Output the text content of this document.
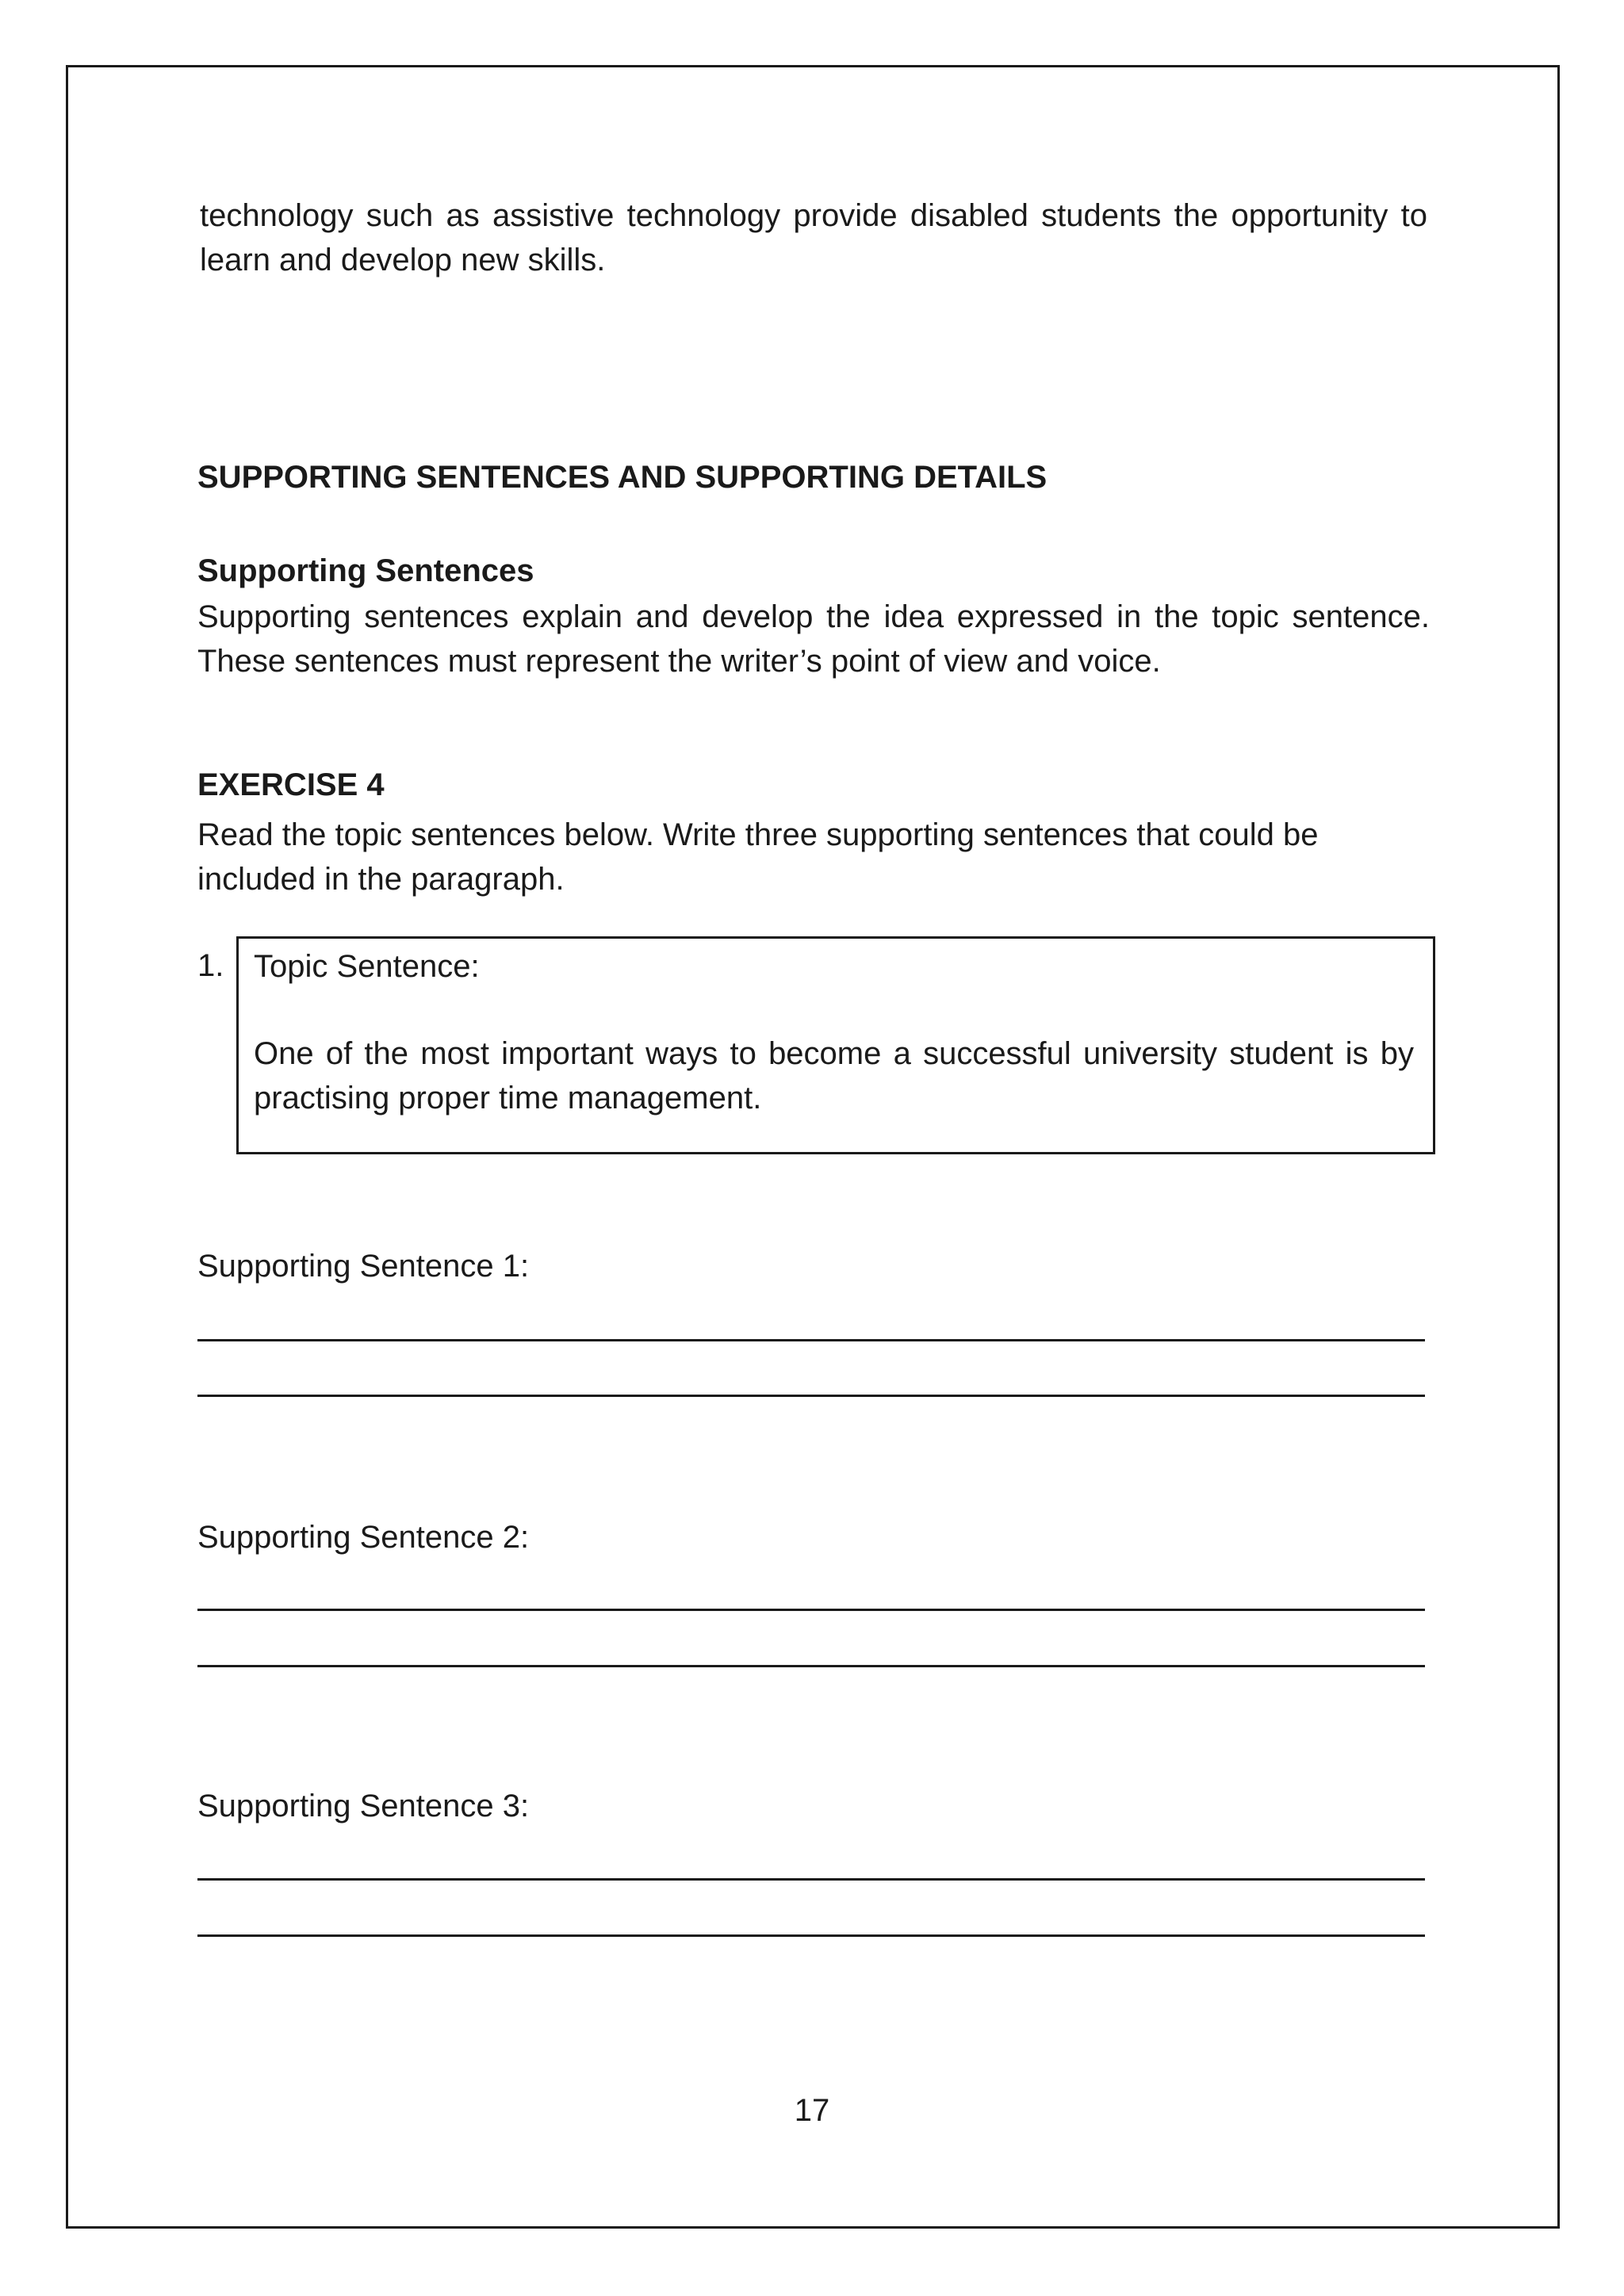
technology such as assistive technology provide disabled students the opportunity to learn and develop new skills.

SUPPORTING SENTENCES AND SUPPORTING DETAILS
Supporting Sentences

Supporting sentences explain and develop the idea expressed in the topic sentence. These sentences must represent the writer’s point of view and voice.

EXERCISE 4

Read the topic sentences below. Write three supporting sentences that could be included in the paragraph.

1. Topic Sentence:

One of the most important ways to become a successful university student is by practising proper time management.

Supporting Sentence 1:
Supporting Sentence 2:
Supporting Sentence 3:
17
